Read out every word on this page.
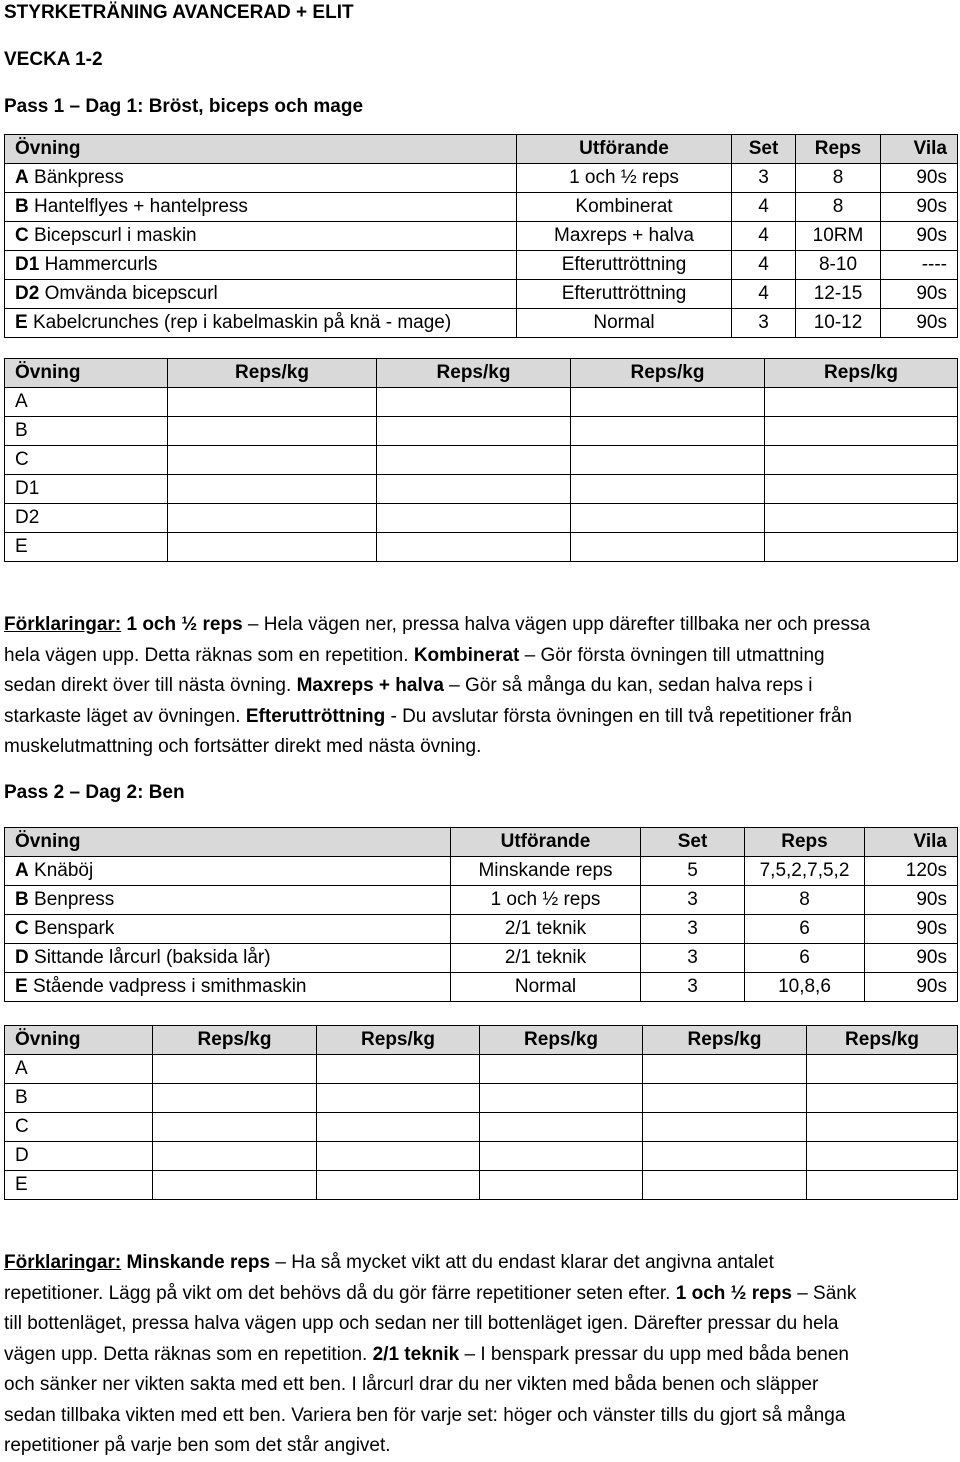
STYRKETRÄNING AVANCERAD + ELIT
VECKA 1-2
Pass 1 – Dag 1: Bröst, biceps och mage
Övning	Utförande	Set	Reps	Vila
A Bänkpress	1 och ½ reps	3	8	90s
B Hantelflyes + hantelpress	Kombinerat	4	8	90s
C Bicepscurl i maskin	Maxreps + halva	4	10RM	90s
D1 Hammercurls	Efteruttröttning	4	8-10	----
D2 Omvända bicepscurl	Efteruttröttning	4	12-15	90s
E Kabelcrunches (rep i kabelmaskin på knä - mage)	Normal	3	10-12	90s
Övning	Reps/kg	Reps/kg	Reps/kg	Reps/kg
A				
B				
C				
D1				
D2				
E				
Förklaringar: 1 och ½ reps – Hela vägen ner, pressa halva vägen upp därefter tillbaka ner och pressa
hela vägen upp. Detta räknas som en repetition. Kombinerat – Gör första övningen till utmattning
sedan direkt över till nästa övning. Maxreps + halva – Gör så många du kan, sedan halva reps i
starkaste läget av övningen. Efteruttröttning - Du avslutar första övningen en till två repetitioner från
muskelutmattning och fortsätter direkt med nästa övning.
Pass 2 – Dag 2: Ben
Övning	Utförande	Set	Reps	Vila
A Knäböj	Minskande reps	5	7,5,2,7,5,2	120s
B Benpress	1 och ½ reps	3	8	90s
C Benspark	2/1 teknik	3	6	90s
D Sittande lårcurl (baksida lår)	2/1 teknik	3	6	90s
E Stående vadpress i smithmaskin	Normal	3	10,8,6	90s
Övning	Reps/kg	Reps/kg	Reps/kg	Reps/kg	Reps/kg
A					
B					
C					
D					
E					
Förklaringar: Minskande reps – Ha så mycket vikt att du endast klarar det angivna antalet
repetitioner. Lägg på vikt om det behövs då du gör färre repetitioner seten efter. 1 och ½ reps – Sänk
till bottenläget, pressa halva vägen upp och sedan ner till bottenläget igen. Därefter pressar du hela
vägen upp. Detta räknas som en repetition. 2/1 teknik – I benspark pressar du upp med båda benen
och sänker ner vikten sakta med ett ben. I lårcurl drar du ner vikten med båda benen och släpper
sedan tillbaka vikten med ett ben. Variera ben för varje set: höger och vänster tills du gjort så många
repetitioner på varje ben som det står angivet.
